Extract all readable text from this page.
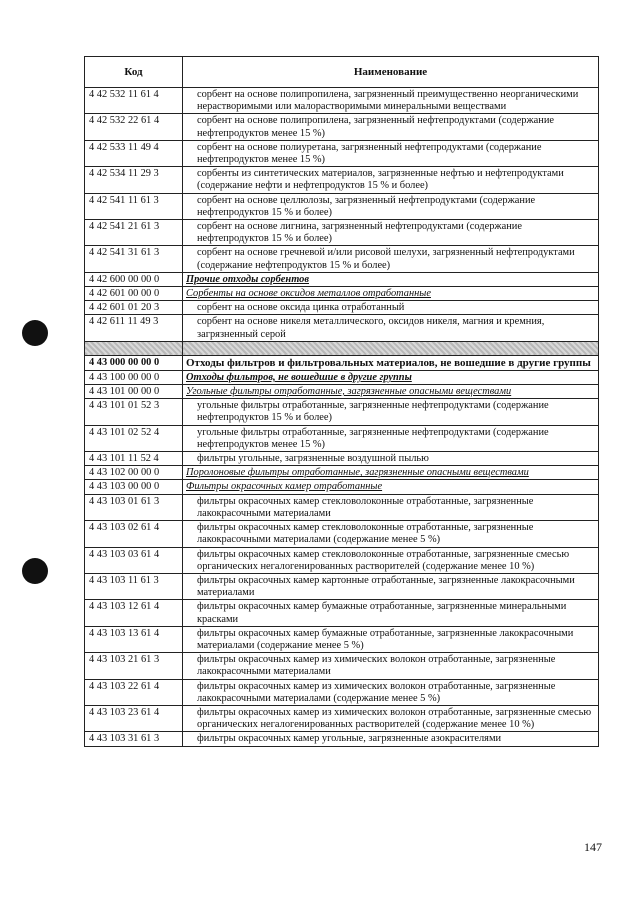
Код	Наименование
4 42 532 11 61 4	сорбент на основе полипропилена, загрязненный преимущественно неорганическими нерастворимыми или малорастворимыми минеральными веществами
4 42 532 22 61 4	сорбент на основе полипропилена, загрязненный нефтепродуктами (содержание нефтепродуктов менее 15 %)
4 42 533 11 49 4	сорбент на основе полиуретана, загрязненный нефтепродуктами (содержание нефтепродуктов менее 15 %)
4 42 534 11 29 3	сорбенты из синтетических материалов, загрязненные нефтью и нефтепродуктами (содержание нефти и нефтепродуктов 15 % и более)
4 42 541 11 61 3	сорбент на основе целлюлозы, загрязненный нефтепродуктами (содержание нефтепродуктов 15 % и более)
4 42 541 21 61 3	сорбент на основе лигнина, загрязненный нефтепродуктами (содержание нефтепродуктов 15 % и более)
4 42 541 31 61 3	сорбент на основе гречневой и/или рисовой шелухи, загрязненный нефтепродуктами (содержание нефтепродуктов 15 % и более)
4 42 600 00 00 0	Прочие отходы сорбентов
4 42 601 00 00 0	Сорбенты на основе оксидов металлов отработанные
4 42 601 01 20 3	сорбент на основе оксида цинка отработанный
4 42 611 11 49 3	сорбент на основе никеля металлического, оксидов никеля, магния и кремния, загрязненный серой

4 43 000 00 00 0	Отходы фильтров и фильтровальных материалов, не вошедшие в другие группы
4 43 100 00 00 0	Отходы фильтров, не вошедшие в другие группы
4 43 101 00 00 0	Угольные фильтры отработанные, загрязненные опасными веществами
4 43 101 01 52 3	угольные фильтры отработанные, загрязненные нефтепродуктами (содержание нефтепродуктов 15 % и более)
4 43 101 02 52 4	угольные фильтры отработанные, загрязненные нефтепродуктами (содержание нефтепродуктов менее 15 %)
4 43 101 11 52 4	фильтры угольные, загрязненные воздушной пылью
4 43 102 00 00 0	Поролоновые фильтры отработанные, загрязненные опасными веществами
4 43 103 00 00 0	Фильтры окрасочных камер отработанные
4 43 103 01 61 3	фильтры окрасочных камер стекловолоконные отработанные, загрязненные лакокрасочными материалами
4 43 103 02 61 4	фильтры окрасочных камер стекловолоконные отработанные, загрязненные лакокрасочными материалами (содержание менее 5 %)
4 43 103 03 61 4	фильтры окрасочных камер стекловолоконные отработанные, загрязненные смесью органических негалогенированных растворителей (содержание менее 10 %)
4 43 103 11 61 3	фильтры окрасочных камер картонные отработанные, загрязненные лакокрасочными материалами
4 43 103 12 61 4	фильтры окрасочных камер бумажные отработанные, загрязненные минеральными красками
4 43 103 13 61 4	фильтры окрасочных камер бумажные отработанные, загрязненные лакокрасочными материалами (содержание менее 5 %)
4 43 103 21 61 3	фильтры окрасочных камер из химических волокон отработанные, загрязненные лакокрасочными материалами
4 43 103 22 61 4	фильтры окрасочных камер из химических волокон отработанные, загрязненные лакокрасочными материалами (содержание менее 5 %)
4 43 103 23 61 4	фильтры окрасочных камер из химических волокон отработанные, загрязненные смесью органических негалогенированных растворителей (содержание менее 10 %)
4 43 103 31 61 3	фильтры окрасочных камер угольные, загрязненные азокрасителями
147
